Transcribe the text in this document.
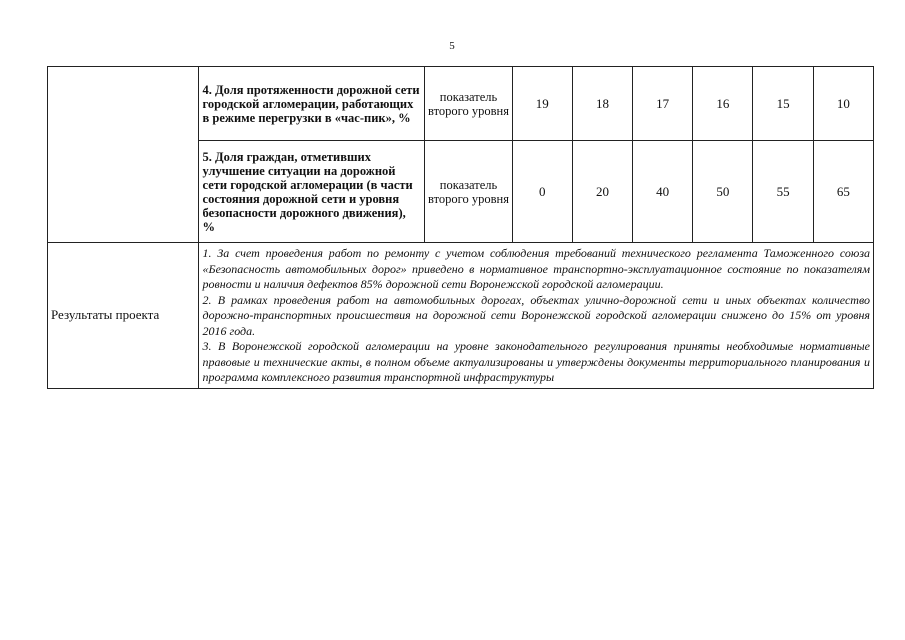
5
	4. Доля протяженности дорожной сети городской агломерации, работающих в режиме перегрузки в «час-пик», %	показатель второго уровня	19	18	17	16	15	10
	5. Доля граждан, отметивших улучшение ситуации на дорожной сети городской агломерации (в части состояния дорожной сети и уровня безопасности дорожного движения), %	показатель второго уровня	0	20	40	50	55	65
Результаты проекта	1. За счет проведения работ по ремонту с учетом соблюдения требований технического регламента Таможенного союза «Безопасность автомобильных дорог» приведено в нормативное транспортно-эксплуатационное состояние по показателям ровности и наличия дефектов 85% дорожной сети Воронежской городской агломерации.

2. В рамках проведения работ на автомобильных дорогах, объектах улично-дорожной сети и иных объектах количество дорожно-транспортных происшествия на дорожной сети Воронежской городской агломерации снижено до 15% от уровня 2016 года.

3. В Воронежской городской агломерации на уровне законодательного регулирования приняты необходимые нормативные правовые и технические акты, в полном объеме актуализированы и утверждены документы территориального планирования и программа комплексного развития транспортной инфраструктуры							
